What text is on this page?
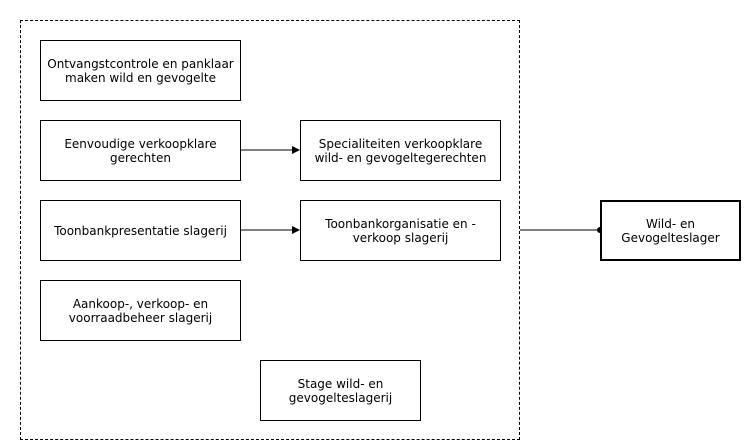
Ontvangstcontrole en panklaar
maken wild en gevogelte
Eenvoudige verkoopklare
gerechten
Specialiteiten verkoopklare
wild- en gevogeltegerechten
Toonbankpresentatie slagerij	Toonbankorganisatie en -
verkoop slagerij
Aankoop-, verkoop- en
voorraadbeheer slagerij
Stage wild- en
gevogelteslagerij
Wild- en
Gevogelteslager
